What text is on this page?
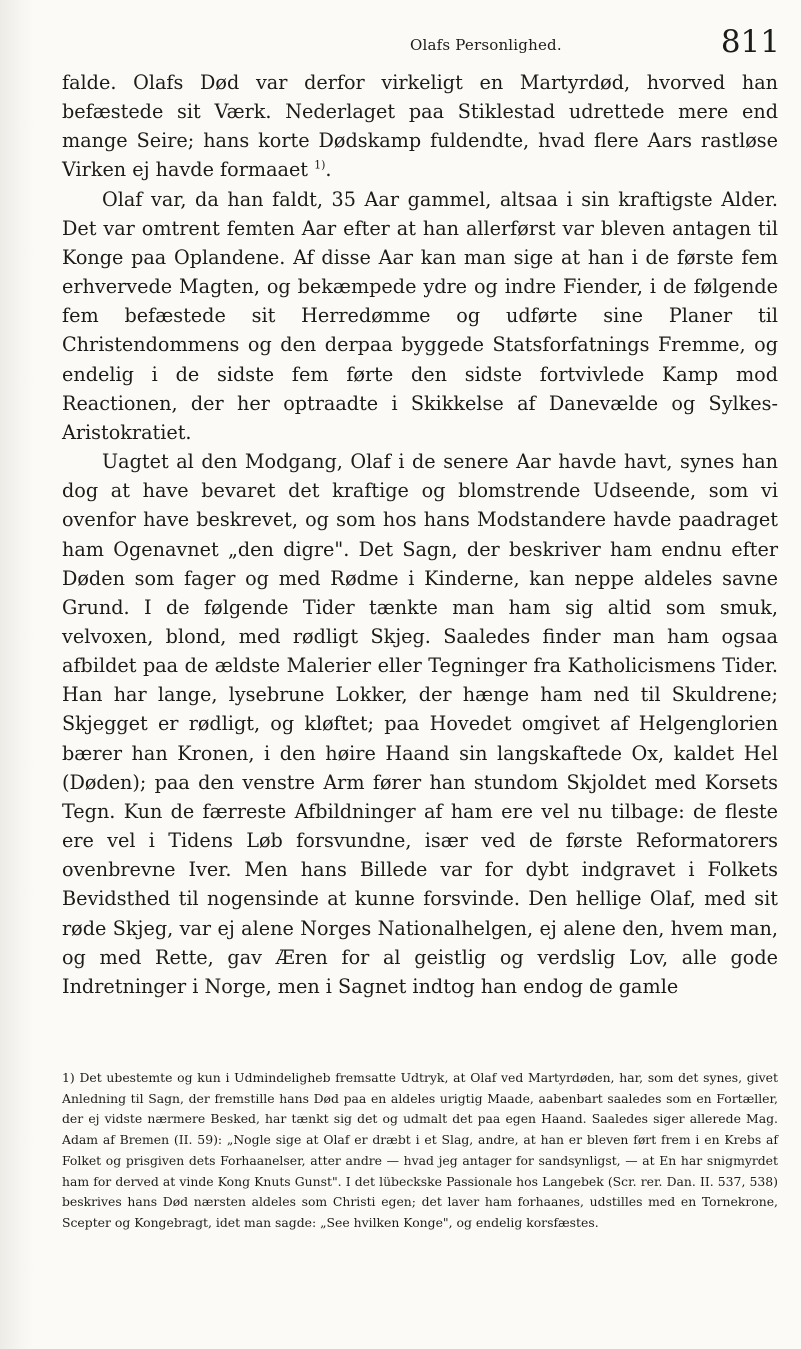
Olafs Personlighed.	811

falde. Olafs Død var derfor virkeligt en Martyrdød, hvorved han befæstede sit Værk. Nederlaget paa Stiklestad udrettede mere end mange Seire; hans korte Dødskamp fuldendte, hvad flere Aars rastløse Virken ej havde formaaet $^{1)}$.

Olaf var, da han faldt, 35 Aar gammel, altsaa i sin kraftigste Alder. Det var omtrent femten Aar efter at han allerførst var bleven antagen til Konge paa Oplandene. Af disse Aar kan man sige at han i de første fem erhvervede Magten, og bekæmpede ydre og indre Fiender, i de følgende fem befæstede sit Herredømme og udførte sine Planer til Christendommens og den derpaa byggede Statsforfatnings Fremme, og endelig i de sidste fem førte den sidste fortvivlede Kamp mod Reactionen, der her optraadte i Skikkelse af Danevælde og Sylkes-Aristokratiet.

Uagtet al den Modgang, Olaf i de senere Aar havde havt, synes han dog at have bevaret det kraftige og blomstrende Udseende, som vi ovenfor have beskrevet, og som hos hans Modstandere havde paadraget ham Ogenavnet „den digre". Det Sagn, der beskriver ham endnu efter Døden som fager og med Rødme i Kinderne, kan neppe aldeles savne Grund. I de følgende Tider tænkte man ham sig altid som smuk, velvoxen, blond, med rødligt Skjeg. Saaledes finder man ham ogsaa afbildet paa de ældste Malerier eller Tegninger fra Katholicismens Tider. Han har lange, lysebrune Lokker, der hænge ham ned til Skuldrene; Skjegget er rødligt, og kløftet; paa Hovedet omgivet af Helgenglorien bærer han Kronen, i den høire Haand sin langskaftede Ox, kaldet Hel (Døden); paa den venstre Arm fører han stundom Skjoldet med Korsets Tegn. Kun de færreste Afbildninger af ham ere vel nu tilbage: de fleste ere vel i Tidens Løb forsvundne, især ved de første Reformatorers ovenbrevne Iver. Men hans Billede var for dybt indgravet i Folkets Bevidsthed til nogensinde at kunne forsvinde. Den hellige Olaf, med sit røde Skjeg, var ej alene Norges Nationalhelgen, ej alene den, hvem man, og med Rette, gav Æren for al geistlig og verdslig Lov, alle gode Indretninger i Norge, men i Sagnet indtog han endog de gamle

1) Det ubestemte og kun i Udmindeligheb fremsatte Udtryk, at Olaf ved Martyrdøden, har, som det synes, givet Anledning til Sagn, der fremstille hans Død paa en aldeles urigtig Maade, aabenbart saaledes som en Fortæller, der ej vidste nærmere Besked, har tænkt sig det og udmalt det paa egen Haand. Saaledes siger allerede Mag. Adam af Bremen (II. 59): „Nogle sige at Olaf er dræbt i et Slag, andre, at han er bleven ført frem i en Krebs af Folket og prisgiven dets Forhaanelser, atter andre — hvad jeg antager for sandsynligst, — at En har snigmyrdet ham for derved at vinde Kong Knuts Gunst". I det lübeckske Passionale hos Langebek (Scr. rer. Dan. II. 537, 538) beskrives hans Død nærsten aldeles som Christi egen; det laver ham forhaanes, udstilles med en Tornekrone, Scepter og Kongebragt, idet man sagde: „See hvilken Konge", og endelig korsfæstes.
